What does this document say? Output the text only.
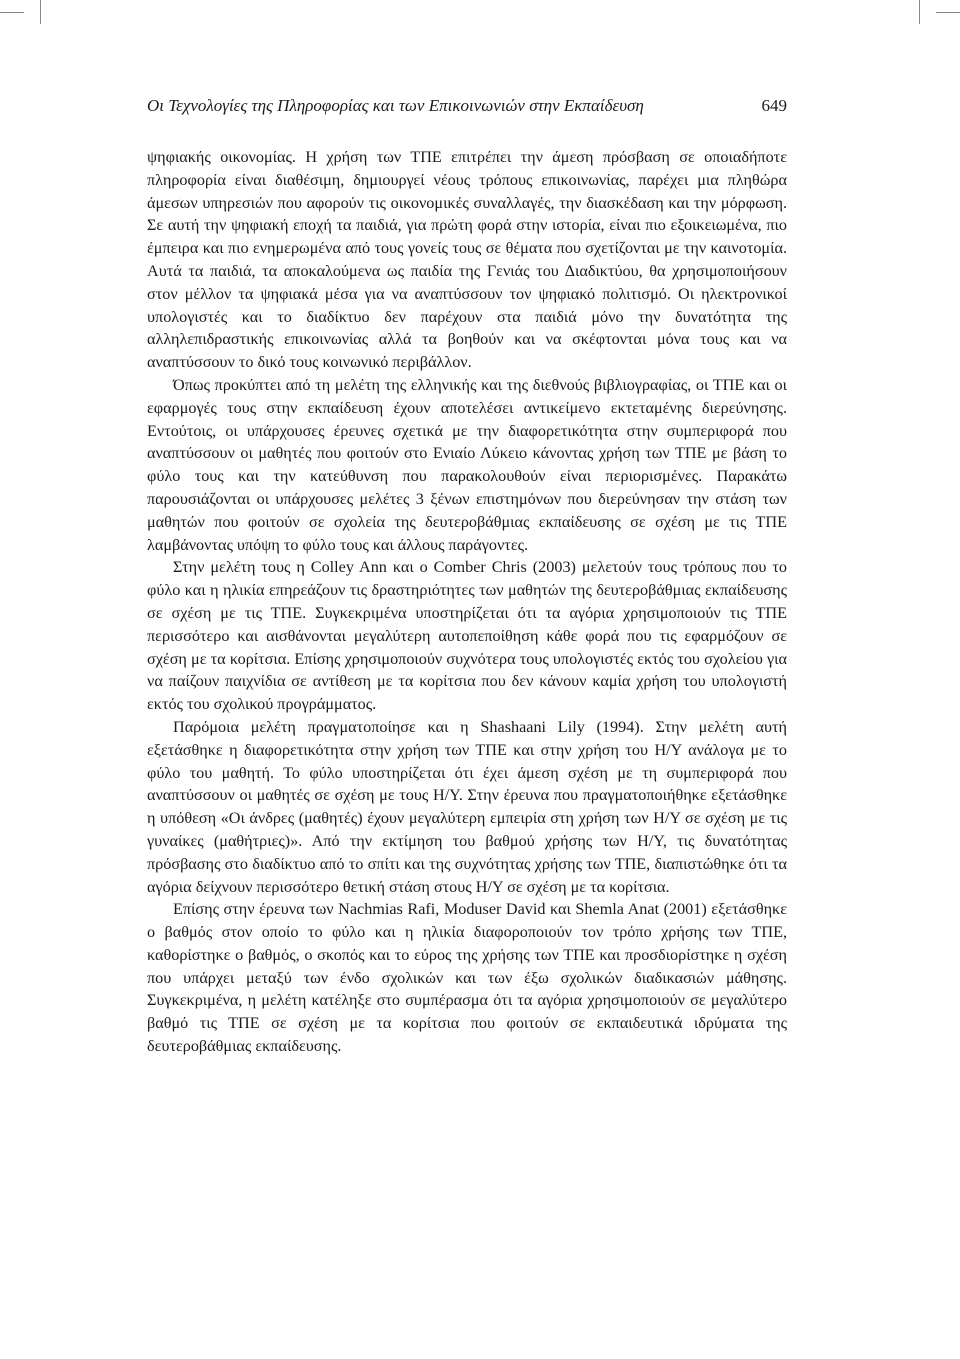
Οι Τεχνολογίες της Πληροφορίας και των Επικοινωνιών στην Εκπαίδευση	649

ψηφιακής οικονομίας. Η χρήση των ΤΠΕ επιτρέπει την άμεση πρόσβαση σε οποιαδήποτε πληροφορία είναι διαθέσιμη, δημιουργεί νέους τρόπους επικοινωνίας, παρέχει μια πληθώρα άμεσων υπηρεσιών που αφορούν τις οικονομικές συναλλαγές, την διασκέδαση και την μόρφωση. Σε αυτή την ψηφιακή εποχή τα παιδιά, για πρώτη φορά στην ιστορία, είναι πιο εξοικειωμένα, πιο έμπειρα και πιο ενημερωμένα από τους γονείς τους σε θέματα που σχετίζονται με την καινοτομία. Αυτά τα παιδιά, τα αποκαλούμενα ως παιδία της Γενιάς του Διαδικτύου, θα χρησιμοποιήσουν στον μέλλον τα ψηφιακά μέσα για να αναπτύσσουν τον ψηφιακό πολιτισμό. Οι ηλεκτρονικοί υπολογιστές και το διαδίκτυο δεν παρέχουν στα παιδιά μόνο την δυνατότητα της αλληλεπιδραστικής επικοινωνίας αλλά τα βοηθούν και να σκέφτονται μόνα τους και να αναπτύσσουν το δικό τους κοινωνικό περιβάλλον.

Όπως προκύπτει από τη μελέτη της ελληνικής και της διεθνούς βιβλιογραφίας, οι ΤΠΕ και οι εφαρμογές τους στην εκπαίδευση έχουν αποτελέσει αντικείμενο εκτεταμένης διερεύνησης. Εντούτοις, οι υπάρχουσες έρευνες σχετικά με την διαφορετικότητα στην συμπεριφορά που αναπτύσσουν οι μαθητές που φοιτούν στο Ενιαίο Λύκειο κάνοντας χρήση των ΤΠΕ με βάση το φύλο τους και την κατεύθυνση που παρακολουθούν είναι περιορισμένες. Παρακάτω παρουσιάζονται οι υπάρχουσες μελέτες 3 ξένων επιστημόνων που διερεύνησαν την στάση των μαθητών που φοιτούν σε σχολεία της δευτεροβάθμιας εκπαίδευσης σε σχέση με τις ΤΠΕ λαμβάνοντας υπόψη το φύλο τους και άλλους παράγοντες.

Στην μελέτη τους η Colley Ann και ο Comber Chris (2003) μελετούν τους τρόπους που το φύλο και η ηλικία επηρεάζουν τις δραστηριότητες των μαθητών της δευτεροβάθμιας εκπαίδευσης σε σχέση με τις ΤΠΕ. Συγκεκριμένα υποστηρίζεται ότι τα αγόρια χρησιμοποιούν τις ΤΠΕ περισσότερο και αισθάνονται μεγαλύτερη αυτοπεποίθηση κάθε φορά που τις εφαρμόζουν σε σχέση με τα κορίτσια. Επίσης χρησιμοποιούν συχνότερα τους υπολογιστές εκτός του σχολείου για να παίζουν παιχνίδια σε αντίθεση με τα κορίτσια που δεν κάνουν καμία χρήση του υπολογιστή εκτός του σχολικού προγράμματος.

Παρόμοια μελέτη πραγματοποίησε και η Shashaani Lily (1994). Στην μελέτη αυτή εξετάσθηκε η διαφορετικότητα στην χρήση των ΤΠΕ και στην χρήση του Η/Υ ανάλογα με το φύλο του μαθητή. Το φύλο υποστηρίζεται ότι έχει άμεση σχέση με τη συμπεριφορά που αναπτύσσουν οι μαθητές σε σχέση με τους Η/Υ. Στην έρευνα που πραγματοποιήθηκε εξετάσθηκε η υπόθεση «Οι άνδρες (μαθητές) έχουν μεγαλύτερη εμπειρία στη χρήση των Η/Υ σε σχέση με τις γυναίκες (μαθήτριες)». Από την εκτίμηση του βαθμού χρήσης των Η/Υ, τις δυνατότητας πρόσβασης στο διαδίκτυο από το σπίτι και της συχνότητας χρήσης των ΤΠΕ, διαπιστώθηκε ότι τα αγόρια δείχνουν περισσότερο θετική στάση στους Η/Υ σε σχέση με τα κορίτσια.

Επίσης στην έρευνα των Nachmias Rafi, Moduser David και Shemla Anat (2001) εξετάσθηκε ο βαθμός στον οποίο το φύλο και η ηλικία διαφοροποιούν τον τρόπο χρήσης των ΤΠΕ, καθορίστηκε ο βαθμός, ο σκοπός και το εύρος της χρήσης των ΤΠΕ και προσδιορίστηκε η σχέση που υπάρχει μεταξύ των ένδο σχολικών και των έξω σχολικών διαδικασιών μάθησης. Συγκεκριμένα, η μελέτη κατέληξε στο συμπέρασμα ότι τα αγόρια χρησιμοποιούν σε μεγαλύτερο βαθμό τις ΤΠΕ σε σχέση με τα κορίτσια που φοιτούν σε εκπαιδευτικά ιδρύματα της δευτεροβάθμιας εκπαίδευσης.
